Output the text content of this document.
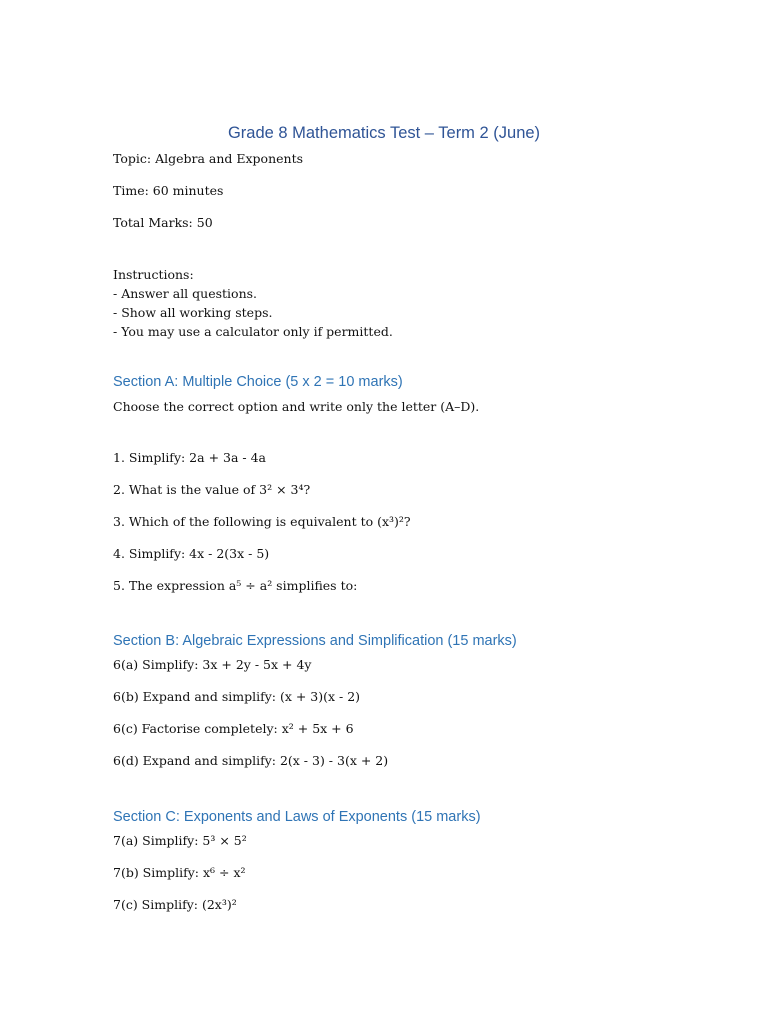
Grade 8 Mathematics Test – Term 2 (June)
Topic: Algebra and Exponents
Time: 60 minutes
Total Marks: 50
Instructions:
- Answer all questions.
- Show all working steps.
- You may use a calculator only if permitted.
Section A: Multiple Choice (5 x 2 = 10 marks)
Choose the correct option and write only the letter (A–D).
1. Simplify: 2a + 3a - 4a
2. What is the value of 3² × 3⁴?
3. Which of the following is equivalent to (x³)²?
4. Simplify: 4x - 2(3x - 5)
5. The expression a⁵ ÷ a² simplifies to:
Section B: Algebraic Expressions and Simplification (15 marks)
6(a) Simplify: 3x + 2y - 5x + 4y
6(b) Expand and simplify: (x + 3)(x - 2)
6(c) Factorise completely: x² + 5x + 6
6(d) Expand and simplify: 2(x - 3) - 3(x + 2)
Section C: Exponents and Laws of Exponents (15 marks)
7(a) Simplify: 5³ × 5²
7(b) Simplify: x⁶ ÷ x²
7(c) Simplify: (2x³)²
